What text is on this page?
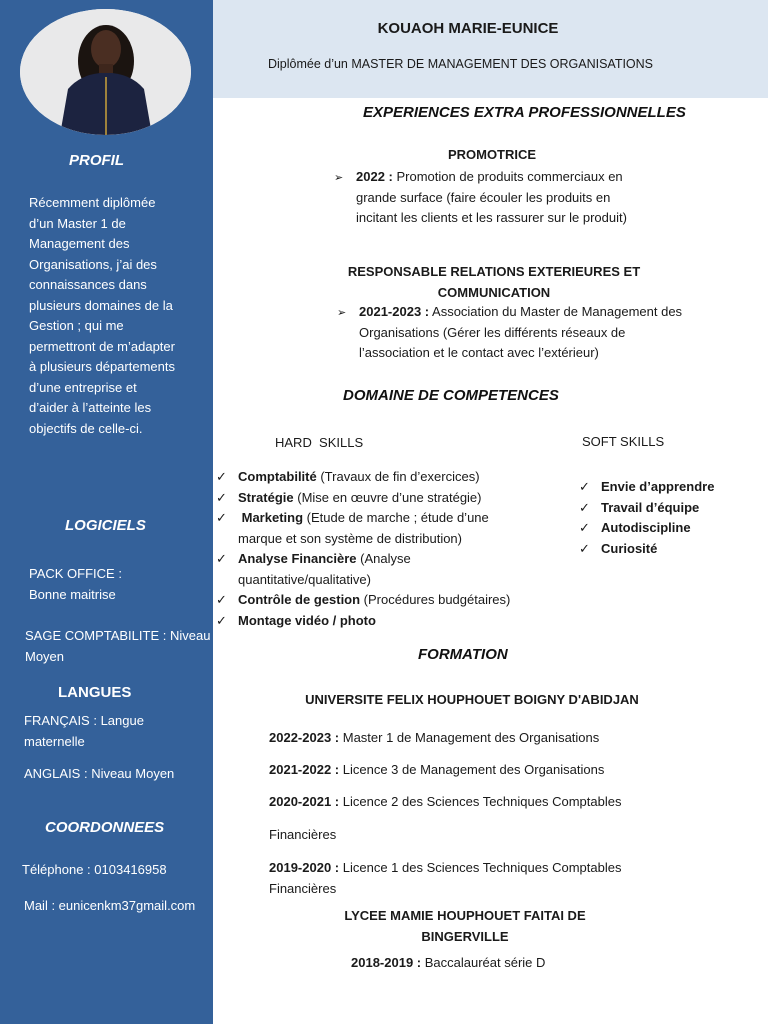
PROFIL
Récemment diplômée d’un Master 1 de Management des Organisations, j’ai des connaissances dans plusieurs domaines de la Gestion ; qui me permettront de m’adapter à plusieurs départements d’une entreprise et d’aider à l’atteinte les objectifs de celle-ci.
LOGICIELS
PACK OFFICE : Bonne maitrise
SAGE COMPTABILITE : Niveau Moyen
LANGUES
FRANÇAIS : Langue maternelle
ANGLAIS : Niveau Moyen
COORDONNEES
Téléphone : 0103416958
Mail : eunicenkm37gmail.com
KOUAOH MARIE-EUNICE
Diplômée d’un MASTER DE MANAGEMENT DES ORGANISATIONS
EXPERIENCES EXTRA PROFESSIONNELLES
PROMOTRICE
➢ 2022 : Promotion de produits commerciaux en grande surface (faire écouler les produits en incitant les clients et les rassurer sur le produit)
RESPONSABLE RELATIONS EXTERIEURES ET COMMUNICATION
➢ 2021-2023 : Association du Master de Management des Organisations (Gérer les différents réseaux de l’association et le contact avec l’extérieur)
DOMAINE DE COMPETENCES
HARD  SKILLS	SOFT SKILLS
✓ Comptabilité (Travaux de fin d’exercices)
✓ Stratégie (Mise en œuvre d’une stratégie)
✓ Marketing (Etude de marche ; étude d’une marque et son système de distribution)
✓ Analyse Financière (Analyse quantitative/qualitative)
✓ Contrôle de gestion (Procédures budgétaires)
✓ Montage vidéo / photo
✓ Envie d’apprendre
✓ Travail d’équipe
✓ Autodiscipline
✓ Curiosité
FORMATION
UNIVERSITE FELIX HOUPHOUET BOIGNY D'ABIDJAN
2022-2023 : Master 1 de Management des Organisations
2021-2022 : Licence 3 de Management des Organisations
2020-2021 : Licence 2 des Sciences Techniques Comptables
Financières
2019-2020 : Licence 1 des Sciences Techniques Comptables Financières
LYCEE MAMIE HOUPHOUET FAITAI DE BINGERVILLE
2018-2019 : Baccalauréat série D
